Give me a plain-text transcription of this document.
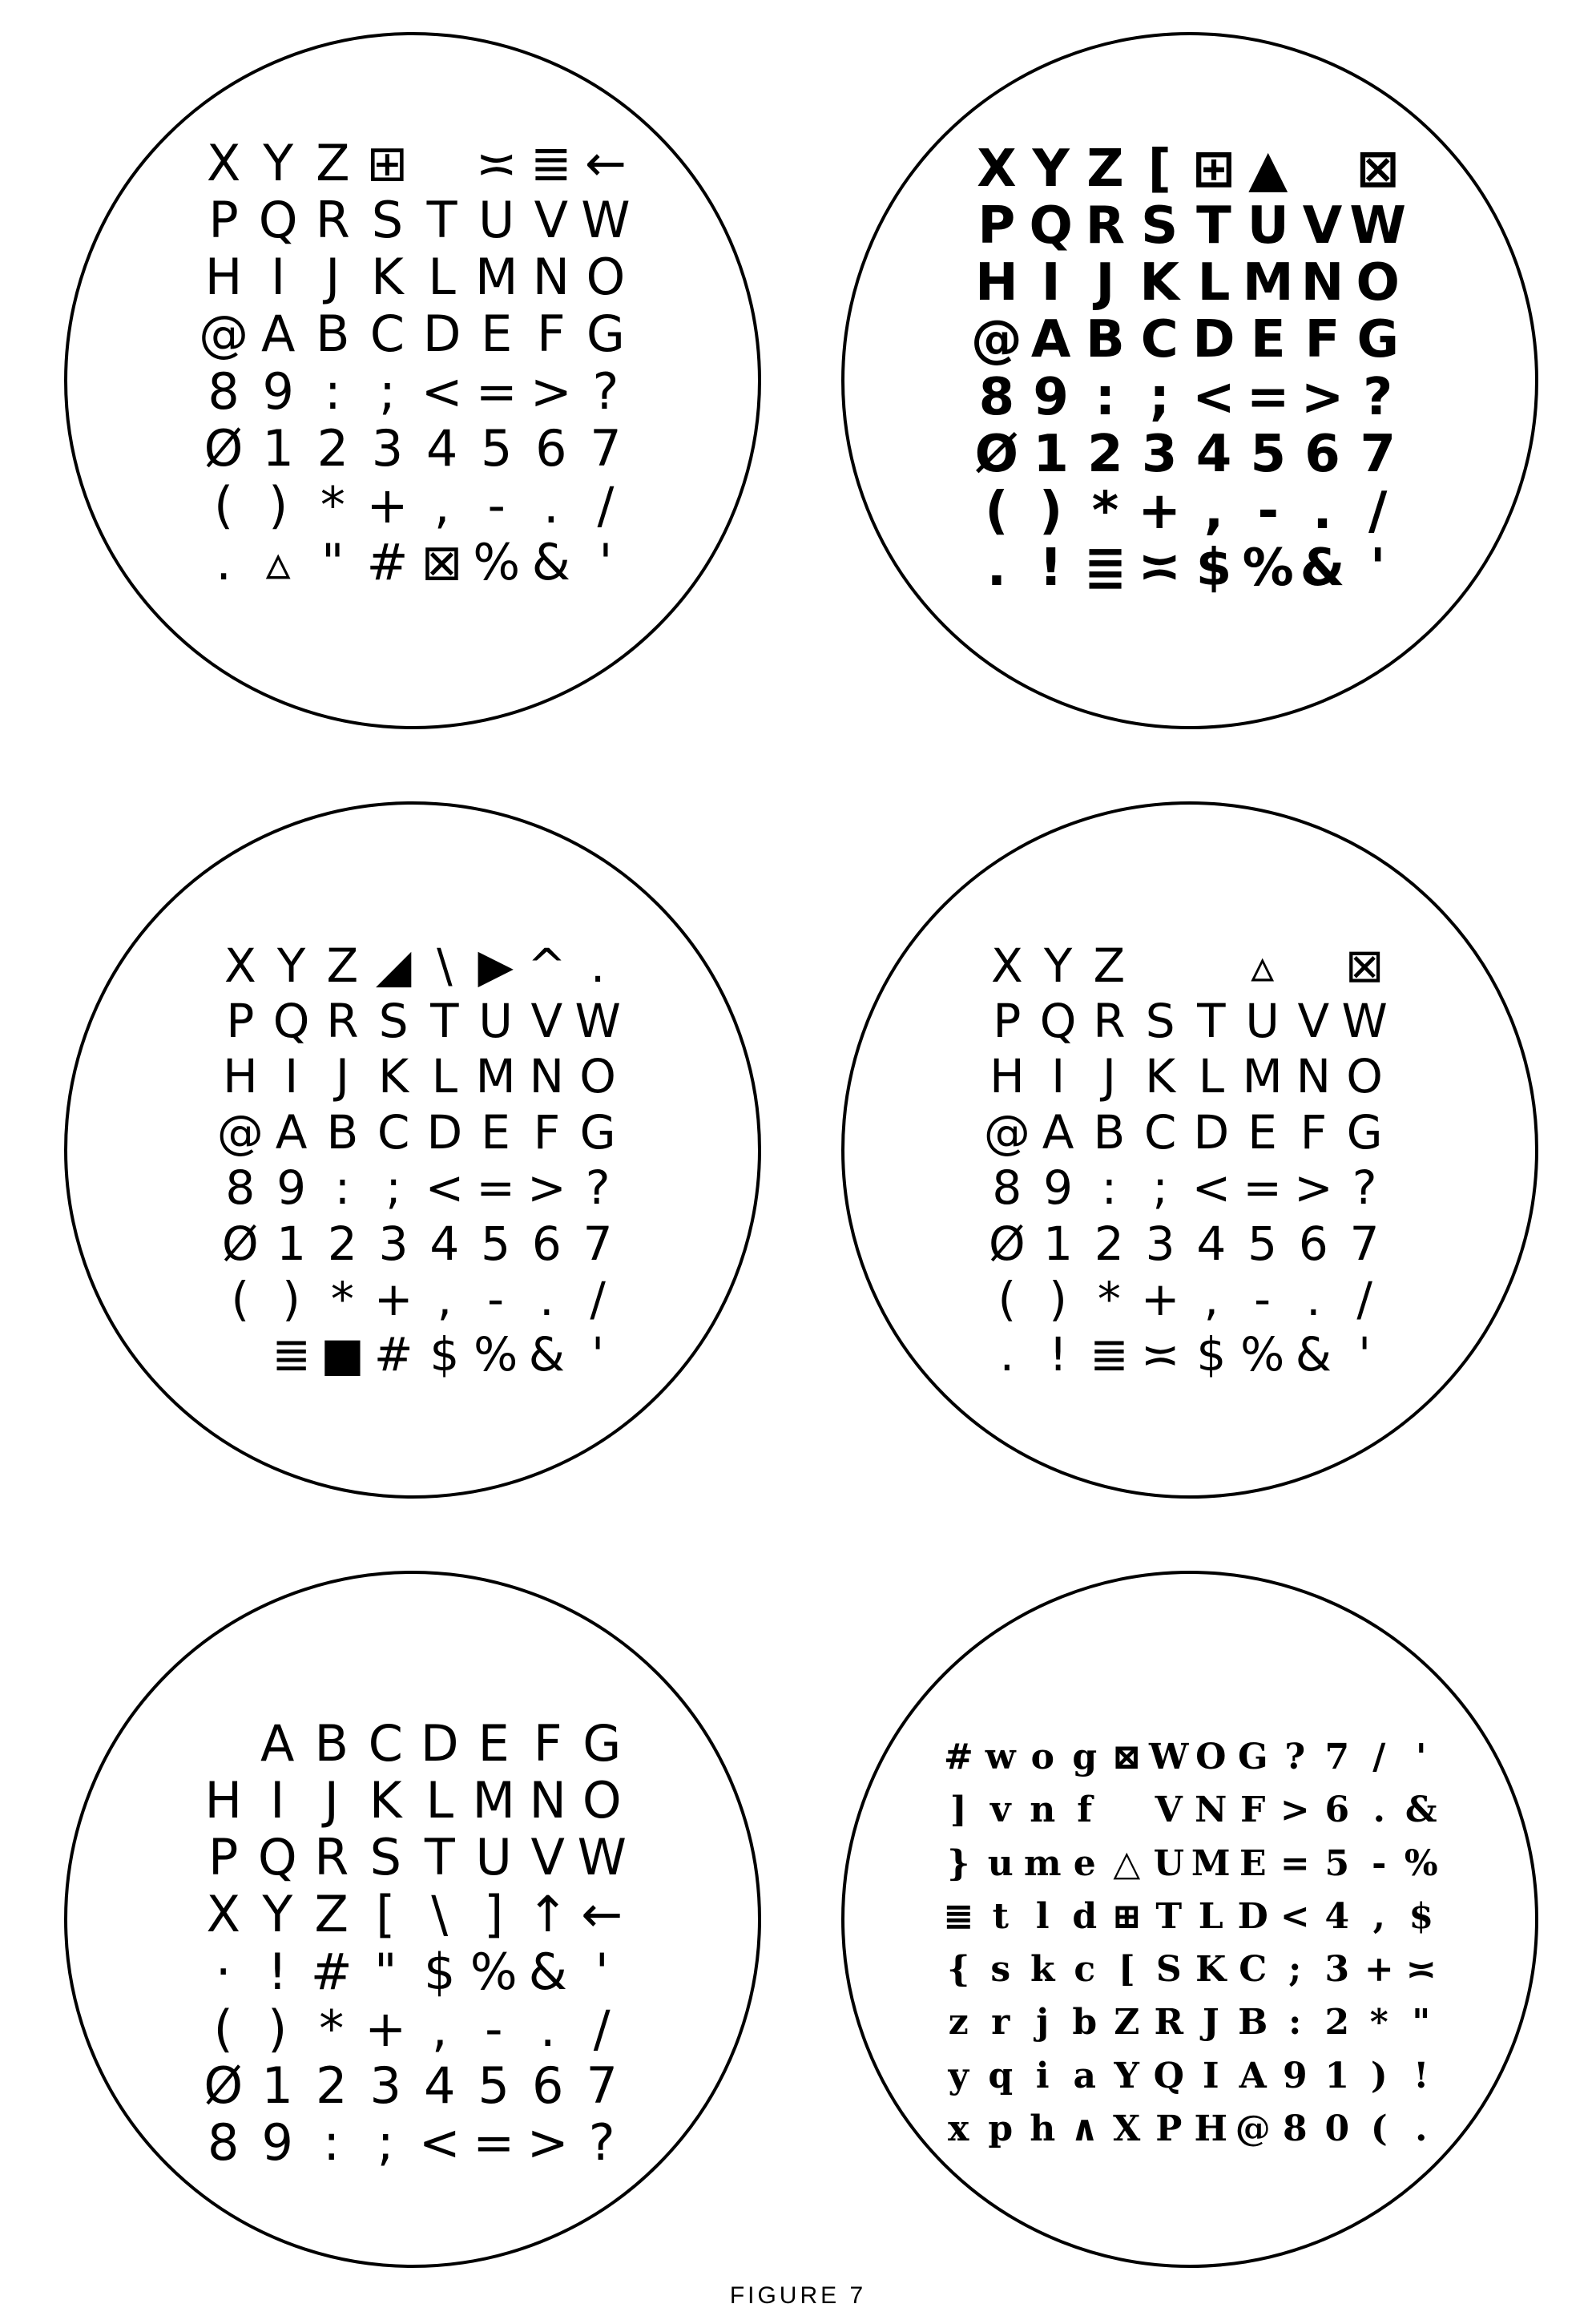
X Y Z ⊞ ≍ ≣ ←
P Q R S T U V W
H I J K L M N O
@ A B C D E F G
8 9 : ; < = > ?
Ø 1 2 3 4 5 6 7
( ) * + , - . /
. ▵ " # ⊠ % & '
X Y Z [ ⊞ ▲ ⊠
P Q R S T U V W
H I J K L M N O
@ A B C D E F G
8 9 : ; < = > ?
Ø 1 2 3 4 5 6 7
( ) * + , - . /
. ! ≣ ≍ $ % & '
X Y Z ◢ \ ▶ ^ .
P Q R S T U V W
H I J K L M N O
@ A B C D E F G
8 9 : ; < = > ?
Ø 1 2 3 4 5 6 7
( ) * + , - . /
≣ ■ # $ % & '
X Y Z	▵ ⊠
P Q R S T U V W
H I J K L M N O
@ A B C D E F G
8 9 : ; < = > ?
Ø 1 2 3 4 5 6 7
( ) * + , - . /
. ! ≣ ≍ $ % & '
A B C D E F G
H I J K L M N O
P Q R S T U V W
X Y Z [ \ ] ↑ ←
· ! # " $ % & '
( ) * + , - . /
Ø 1 2 3 4 5 6 7
8 9 : ; < = > ?
# w o g ⊠ W O G ? 7 / '
] v n f	V N F > 6 . &
} u m e △ U M E = 5 - %
≣ t l d ⊞ T L D < 4 , $
{ s k c [ S K C ; 3 + ≍
z r j b Z R J B : 2 * "
y q i a Y Q I A 9 1 ) !
x p h ∧ X P H @ 8 0 ( .
FIGURE 7
